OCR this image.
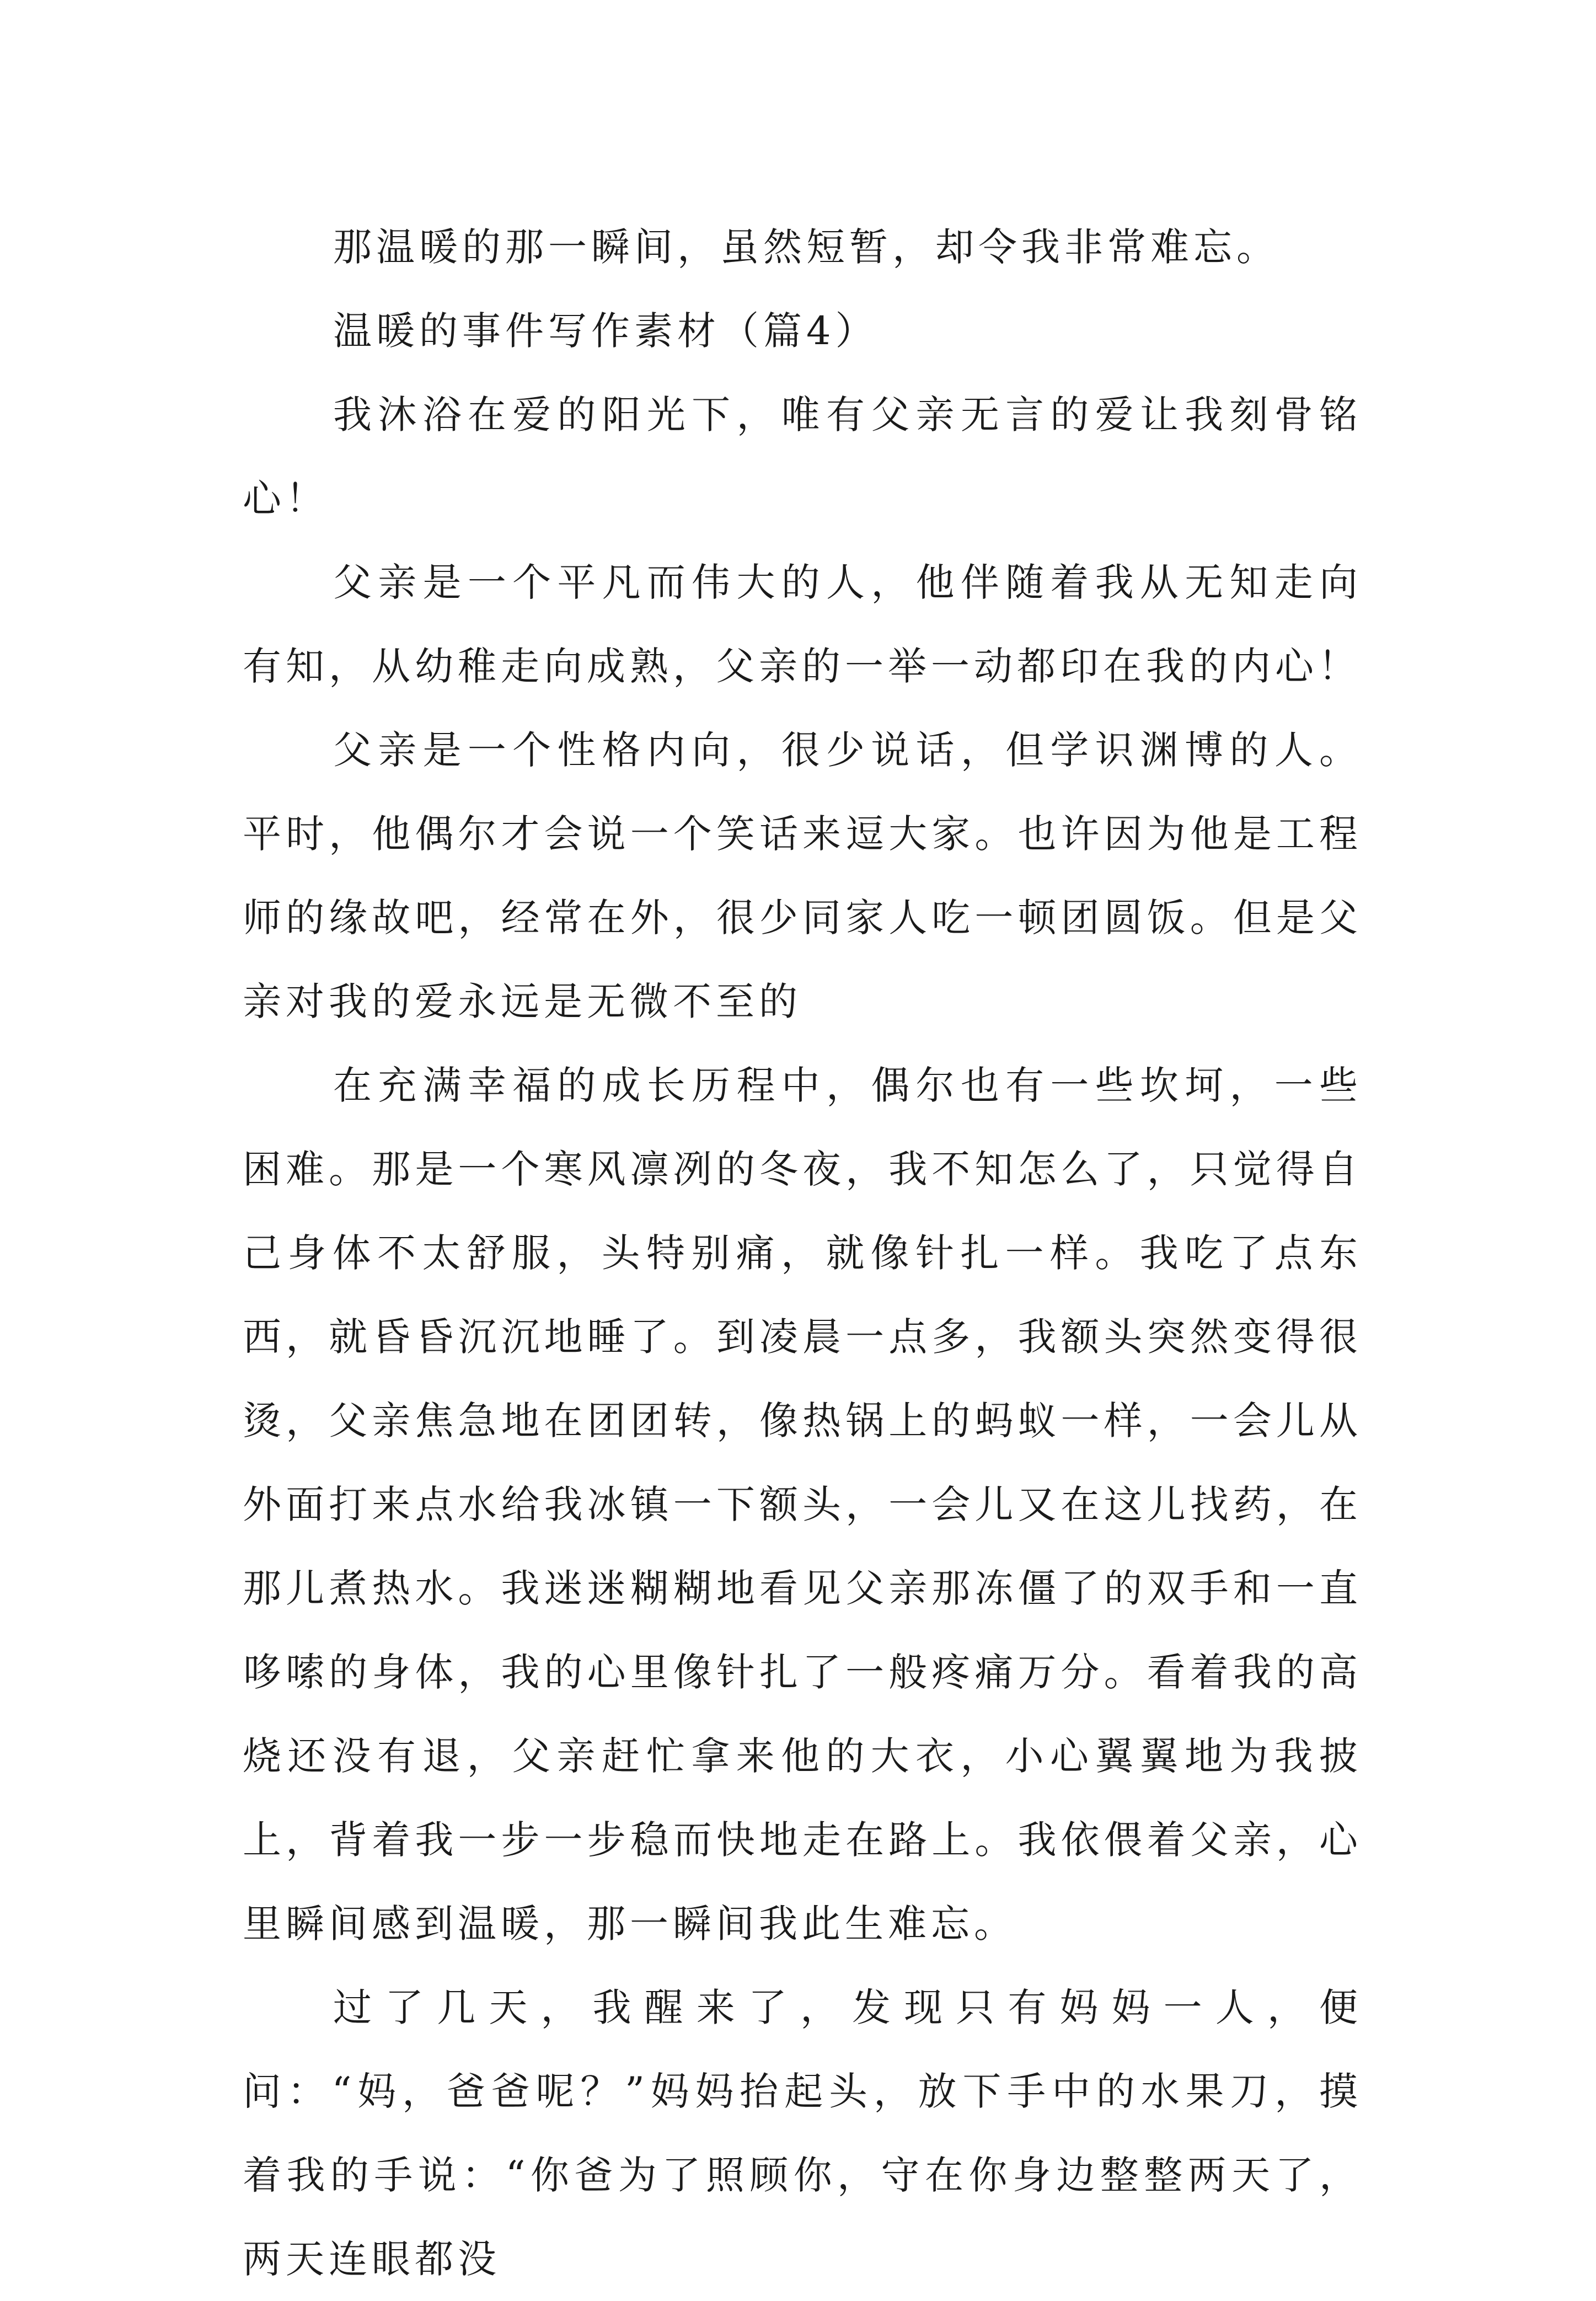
那温暖的那一瞬间，虽然短暂，却令我非常难忘。

温暖的事件写作素材（篇4）

我沐浴在爱的阳光下，唯有父亲无言的爱让我刻骨铭心！

父亲是一个平凡而伟大的人，他伴随着我从无知走向有知，从幼稚走向成熟，父亲的一举一动都印在我的内心！

父亲是一个性格内向，很少说话，但学识渊博的人。平时，他偶尔才会说一个笑话来逗大家。也许因为他是工程师的缘故吧，经常在外，很少同家人吃一顿团圆饭。但是父亲对我的爱永远是无微不至的

在充满幸福的成长历程中，偶尔也有一些坎坷，一些困难。那是一个寒风凛冽的冬夜，我不知怎么了，只觉得自己身体不太舒服，头特别痛，就像针扎一样。我吃了点东西，就昏昏沉沉地睡了。到凌晨一点多，我额头突然变得很烫，父亲焦急地在团团转，像热锅上的蚂蚁一样，一会儿从外面打来点水给我冰镇一下额头，一会儿又在这儿找药，在那儿煮热水。我迷迷糊糊地看见父亲那冻僵了的双手和一直哆嗦的身体，我的心里像针扎了一般疼痛万分。看着我的高烧还没有退，父亲赶忙拿来他的大衣，小心翼翼地为我披上，背着我一步一步稳而快地走在路上。我依偎着父亲，心里瞬间感到温暖，那一瞬间我此生难忘。

过了几天，我醒来了，发现只有妈妈一人，便问：“妈，爸爸呢？”妈妈抬起头，放下手中的水果刀，摸着我的手说：“你爸为了照顾你，守在你身边整整两天了，两天连眼都没
